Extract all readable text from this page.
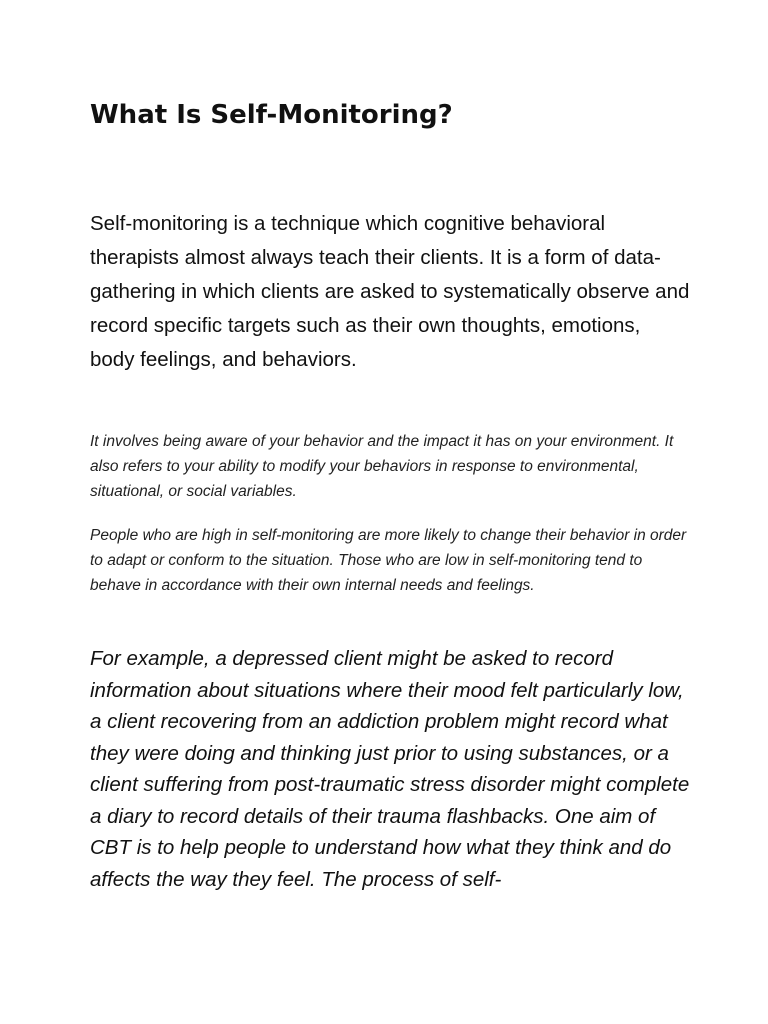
What Is Self-Monitoring?

Self-monitoring is a technique which cognitive behavioral therapists almost always teach their clients. It is a form of data-gathering in which clients are asked to systematically observe and record specific targets such as their own thoughts, emotions, body feelings, and behaviors.

It involves being aware of your behavior and the impact it has on your environment. It also refers to your ability to modify your behaviors in response to environmental, situational, or social variables.

People who are high in self-monitoring are more likely to change their behavior in order to adapt or conform to the situation. Those who are low in self-monitoring tend to behave in accordance with their own internal needs and feelings.

For example, a depressed client might be asked to record information about situations where their mood felt particularly low, a client recovering from an addiction problem might record what they were doing and thinking just prior to using substances, or a client suffering from post-traumatic stress disorder might complete a diary to record details of their trauma flashbacks. One aim of CBT is to help people to understand how what they think and do affects the way they feel. The process of self-
